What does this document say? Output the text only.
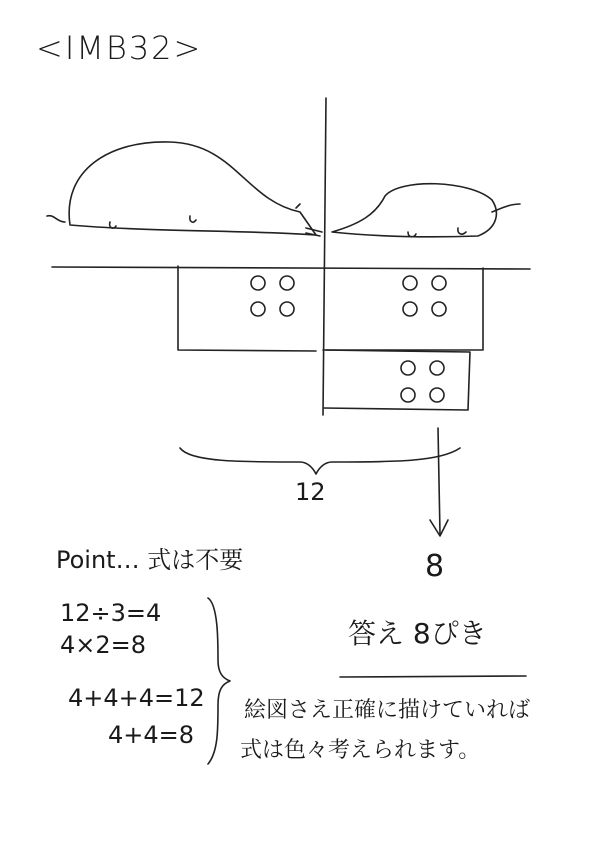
<IMB32>
12
8
Point… 式は不要
12÷3=4
4×2=8
4+4+4=12
4+4=8
答え 8ぴき
絵図さえ正確に描けていれば
式は色々考えられます。
